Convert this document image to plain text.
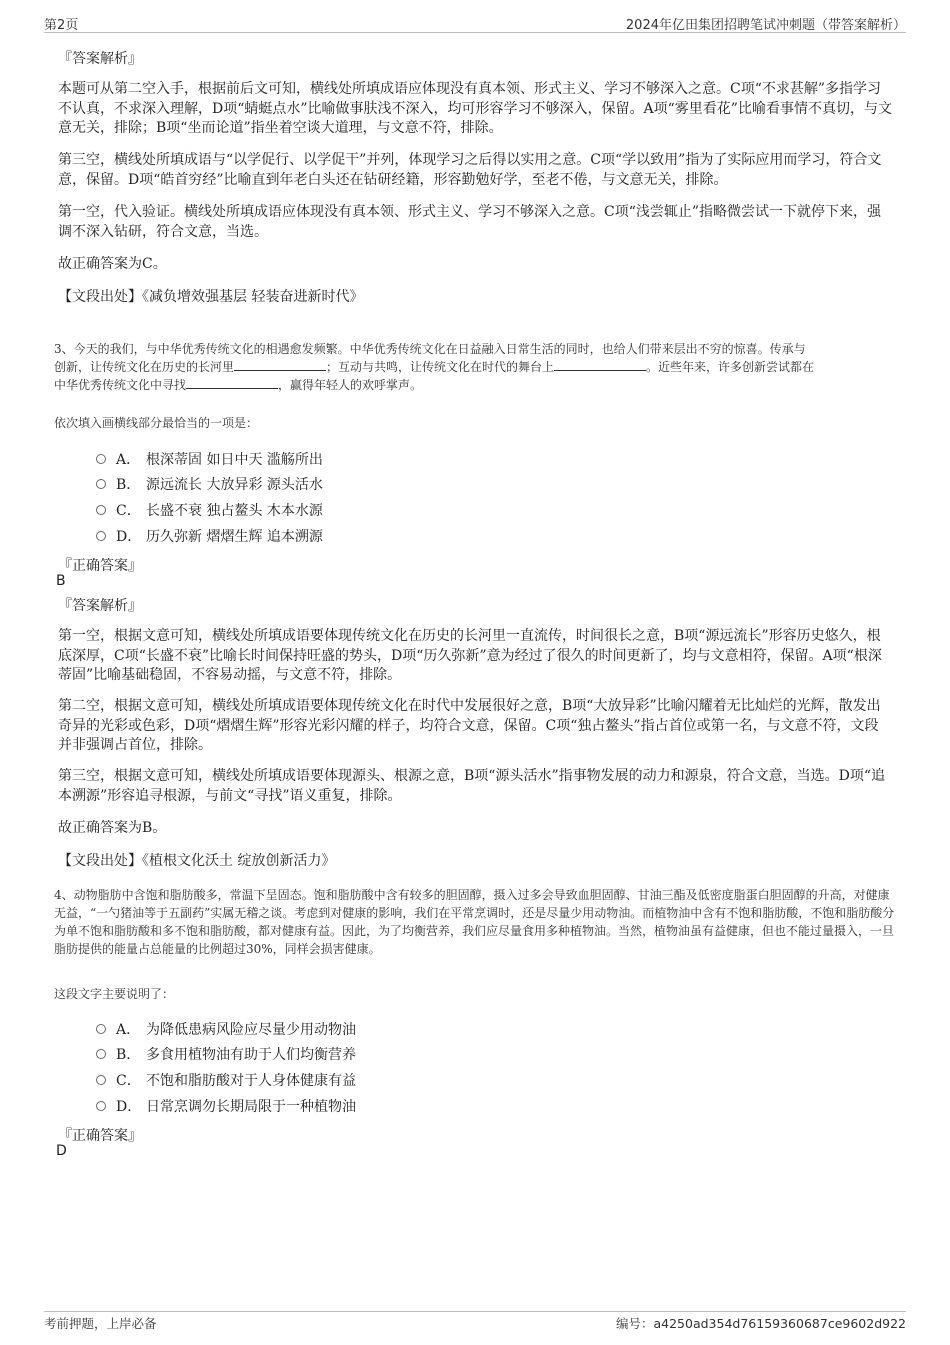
第2页	2024年亿田集团招聘笔试冲刺题（带答案解析）
『答案解析』
本题可从第二空入手，根据前后文可知，横线处所填成语应体现没有真本领、形式主义、学习不够深入之意。C项“不求甚解”多指学习不认真，不求深入理解，D项“蜻蜓点水”比喻做事肤浅不深入，均可形容学习不够深入，保留。A项“雾里看花”比喻看事情不真切，与文意无关，排除；B项“坐而论道”指坐着空谈大道理，与文意不符，排除。
第三空，横线处所填成语与“以学促行、以学促干”并列，体现学习之后得以实用之意。C项“学以致用”指为了实际应用而学习，符合文意，保留。D项“皓首穷经”比喻直到年老白头还在钻研经籍，形容勤勉好学，至老不倦，与文意无关，排除。
第一空，代入验证。横线处所填成语应体现没有真本领、形式主义、学习不够深入之意。C项“浅尝辄止”指略微尝试一下就停下来，强调不深入钻研，符合文意，当选。
故正确答案为C。
【文段出处】《减负增效强基层 轻装奋进新时代》
3、今天的我们，与中华优秀传统文化的相遇愈发频繁。中华优秀传统文化在日益融入日常生活的同时，也给人们带来层出不穷的惊喜。传承与
创新，让传统文化在历史的长河里	；互动与共鸣，让传统文化在时代的舞台上	。近些年来，许多创新尝试都在
中华优秀传统文化中寻找	，赢得年轻人的欢呼掌声。
依次填入画横线部分最恰当的一项是：
A． 根深蒂固 如日中天 滥觞所出
B． 源远流长 大放异彩 源头活水
C． 长盛不衰 独占鳌头 木本水源
D． 历久弥新 熠熠生辉 追本溯源
『正确答案』
B
『答案解析』
第一空，根据文意可知，横线处所填成语要体现传统文化在历史的长河里一直流传，时间很长之意，B项“源远流长”形容历史悠久，根底深厚，C项“长盛不衰”比喻长时间保持旺盛的势头，D项“历久弥新”意为经过了很久的时间更新了，均与文意相符，保留。A项“根深蒂固”比喻基础稳固，不容易动摇，与文意不符，排除。
第二空，根据文意可知，横线处所填成语要体现传统文化在时代中发展很好之意，B项“大放异彩”比喻闪耀着无比灿烂的光辉，散发出奇异的光彩或色彩，D项“熠熠生辉”形容光彩闪耀的样子，均符合文意，保留。C项“独占鳌头”指占首位或第一名，与文意不符，文段并非强调占首位，排除。
第三空，根据文意可知，横线处所填成语要体现源头、根源之意，B项“源头活水”指事物发展的动力和源泉，符合文意，当选。D项“追本溯源”形容追寻根源，与前文“寻找”语义重复，排除。
故正确答案为B。
【文段出处】《植根文化沃土 绽放创新活力》
4、动物脂肪中含饱和脂肪酸多，常温下呈固态。饱和脂肪酸中含有较多的胆固醇，摄入过多会导致血胆固醇、甘油三酯及低密度脂蛋白胆固醇的升高，对健康无益，“一勺猪油等于五副药”实属无稽之谈。考虑到对健康的影响，我们在平常烹调时，还是尽量少用动物油。而植物油中含有不饱和脂肪酸，不饱和脂肪酸分为单不饱和脂肪酸和多不饱和脂肪酸，都对健康有益。因此，为了均衡营养，我们应尽量食用多种植物油。当然，植物油虽有益健康，但也不能过量摄入，一旦脂肪提供的能量占总能量的比例超过30%，同样会损害健康。
这段文字主要说明了：
A． 为降低患病风险应尽量少用动物油
B． 多食用植物油有助于人们均衡营养
C． 不饱和脂肪酸对于人身体健康有益
D． 日常烹调勿长期局限于一种植物油
『正确答案』
D
考前押题，上岸必备	编号：a4250ad354d76159360687ce9602d922
